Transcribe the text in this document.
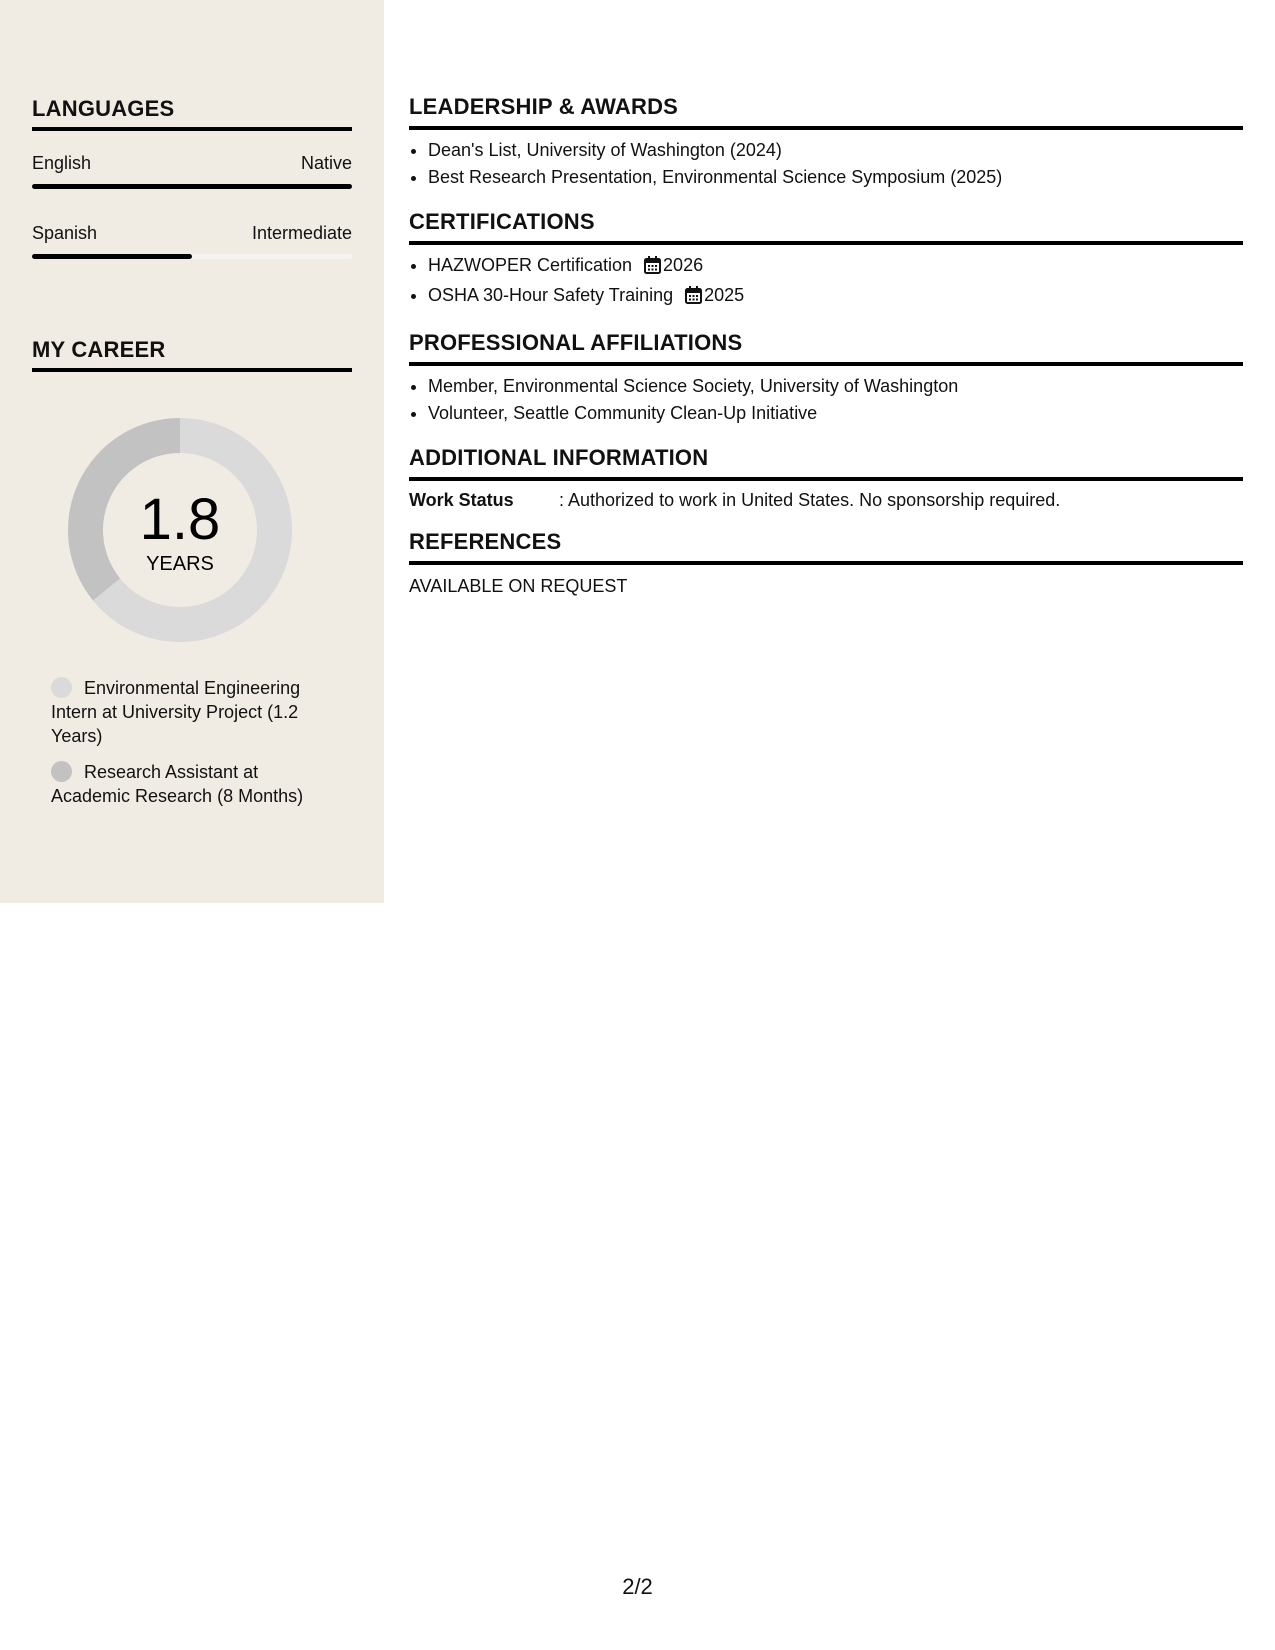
LANGUAGES
English	Native
Spanish	Intermediate
MY CAREER
1.8
YEARS
Environmental Engineering Intern at University Project (1.2 Years)
Research Assistant at Academic Research (8 Months)
LEADERSHIP & AWARDS
• Dean's List, University of Washington (2024)
• Best Research Presentation, Environmental Science Symposium (2025)
CERTIFICATIONS
• HAZWOPER Certification 2026
• OSHA 30-Hour Safety Training 2025
PROFESSIONAL AFFILIATIONS
• Member, Environmental Science Society, University of Washington
• Volunteer, Seattle Community Clean-Up Initiative
ADDITIONAL INFORMATION
Work Status	: Authorized to work in United States. No sponsorship required.
REFERENCES
AVAILABLE ON REQUEST
2/2
